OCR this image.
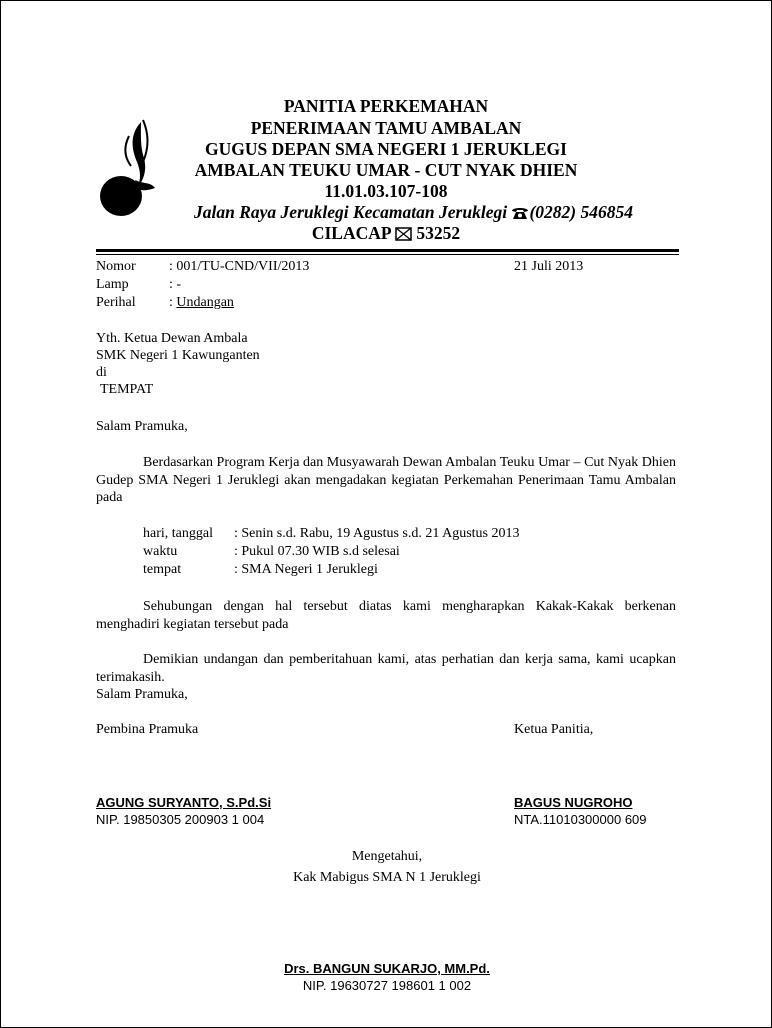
PANITIA PERKEMAHAN
PENERIMAAN TAMU AMBALAN
GUGUS DEPAN SMA NEGERI 1 JERUKLEGI
AMBALAN TEUKU UMAR - CUT NYAK DHIEN
11.01.03.107-108
Jalan Raya Jeruklegi Kecamatan Jeruklegi (0282) 546854
CILACAP 53252
Nomor : 001/TU-CND/VII/2013	21 Juli 2013
Lamp	: -
Perihal : Undangan
Yth. Ketua Dewan Ambala
SMK Negeri 1 Kawunganten
di
TEMPAT
Salam Pramuka,
Berdasarkan Program Kerja dan Musyawarah Dewan Ambalan Teuku Umar – Cut Nyak Dhien Gudep SMA Negeri 1 Jeruklegi akan mengadakan kegiatan Perkemahan Penerimaan Tamu Ambalan pada
hari, tanggal : Senin s.d. Rabu, 19 Agustus s.d. 21 Agustus 2013
waktu	: Pukul 07.30 WIB s.d selesai
tempat	: SMA Negeri 1 Jeruklegi
Sehubungan dengan hal tersebut diatas kami mengharapkan Kakak-Kakak berkenan menghadiri kegiatan tersebut pada
Demikian undangan dan pemberitahuan kami, atas perhatian dan kerja sama, kami ucapkan terimakasih.
Salam Pramuka,
Pembina Pramuka	Ketua Panitia,
AGUNG SURYANTO, S.Pd.Si
NIP. 19850305 200903 1 004
BAGUS NUGROHO
NTA.11010300000 609
Mengetahui,
Kak Mabigus SMA N 1 Jeruklegi
Drs. BANGUN SUKARJO, MM.Pd.
NIP. 19630727 198601 1 002
